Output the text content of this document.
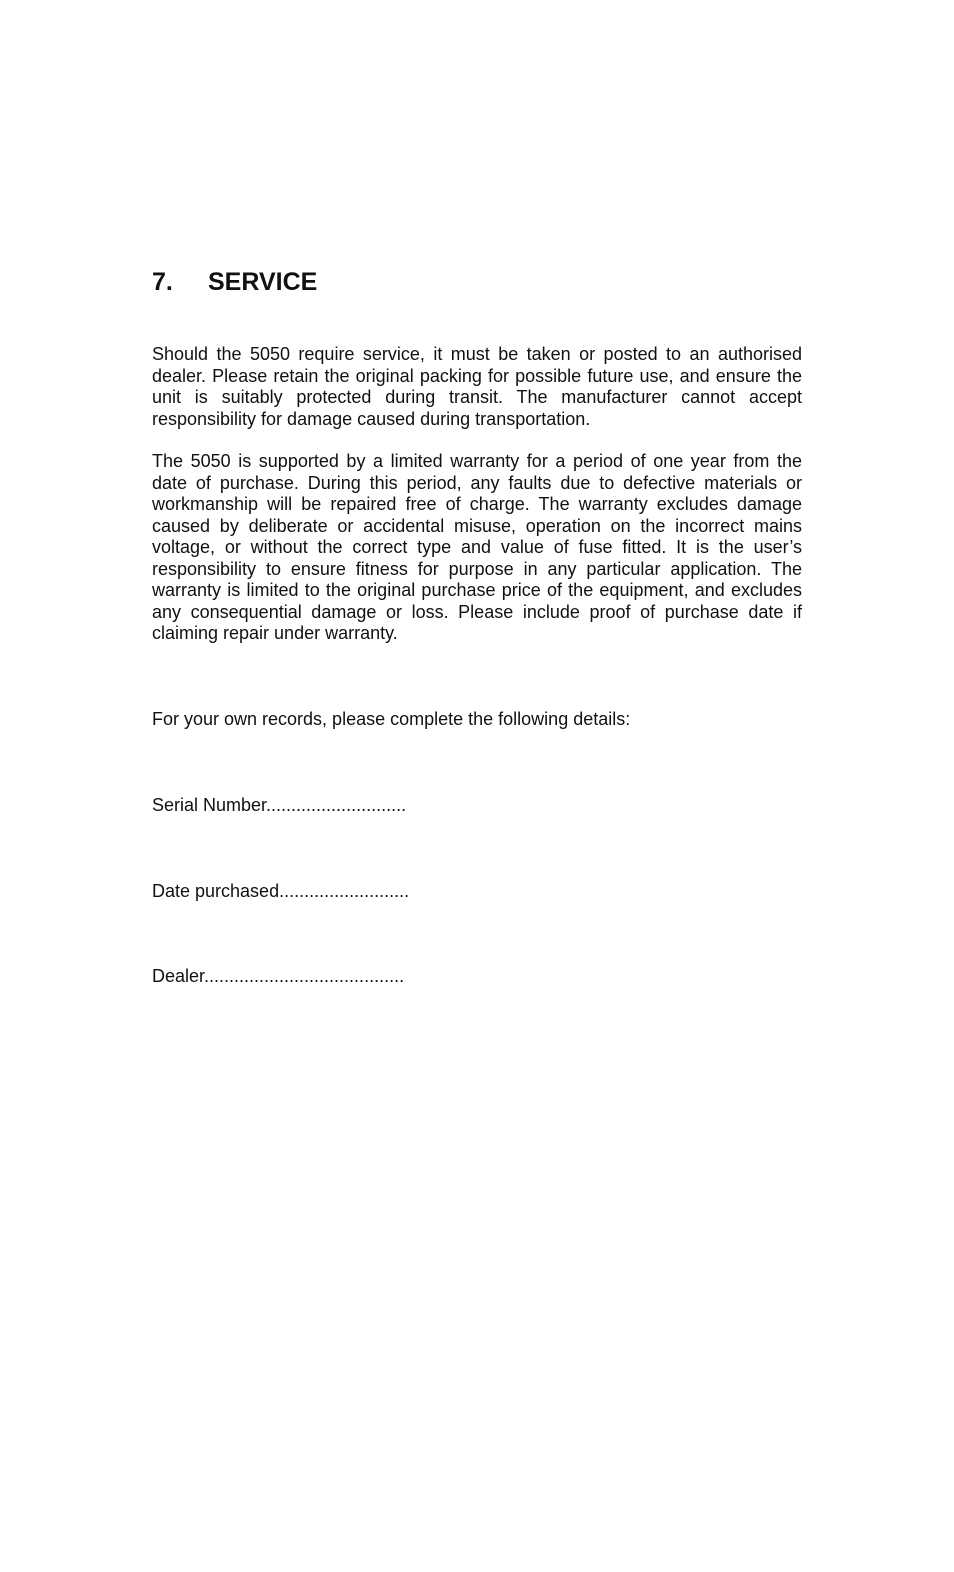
7.	SERVICE

Should the 5050 require service, it must be taken or posted to an authorised dealer. Please retain the original packing for possible future use, and ensure the unit is suitably protected during transit. The manufacturer cannot accept responsibility for damage caused during transportation.

The 5050 is supported by a limited warranty for a period of one year from the date of purchase. During this period, any faults due to defective materials or workmanship will be repaired free of charge. The warranty excludes damage caused by deliberate or accidental misuse, operation on the incorrect mains voltage, or without the correct type and value of fuse fitted. It is the user’s responsibility to ensure fitness for purpose in any particular application. The warranty is limited to the original purchase price of the equipment, and excludes any consequential damage or loss. Please include proof of purchase date if claiming repair under warranty.

For your own records, please complete the following details:

Serial Number............................

Date purchased..........................

Dealer........................................
